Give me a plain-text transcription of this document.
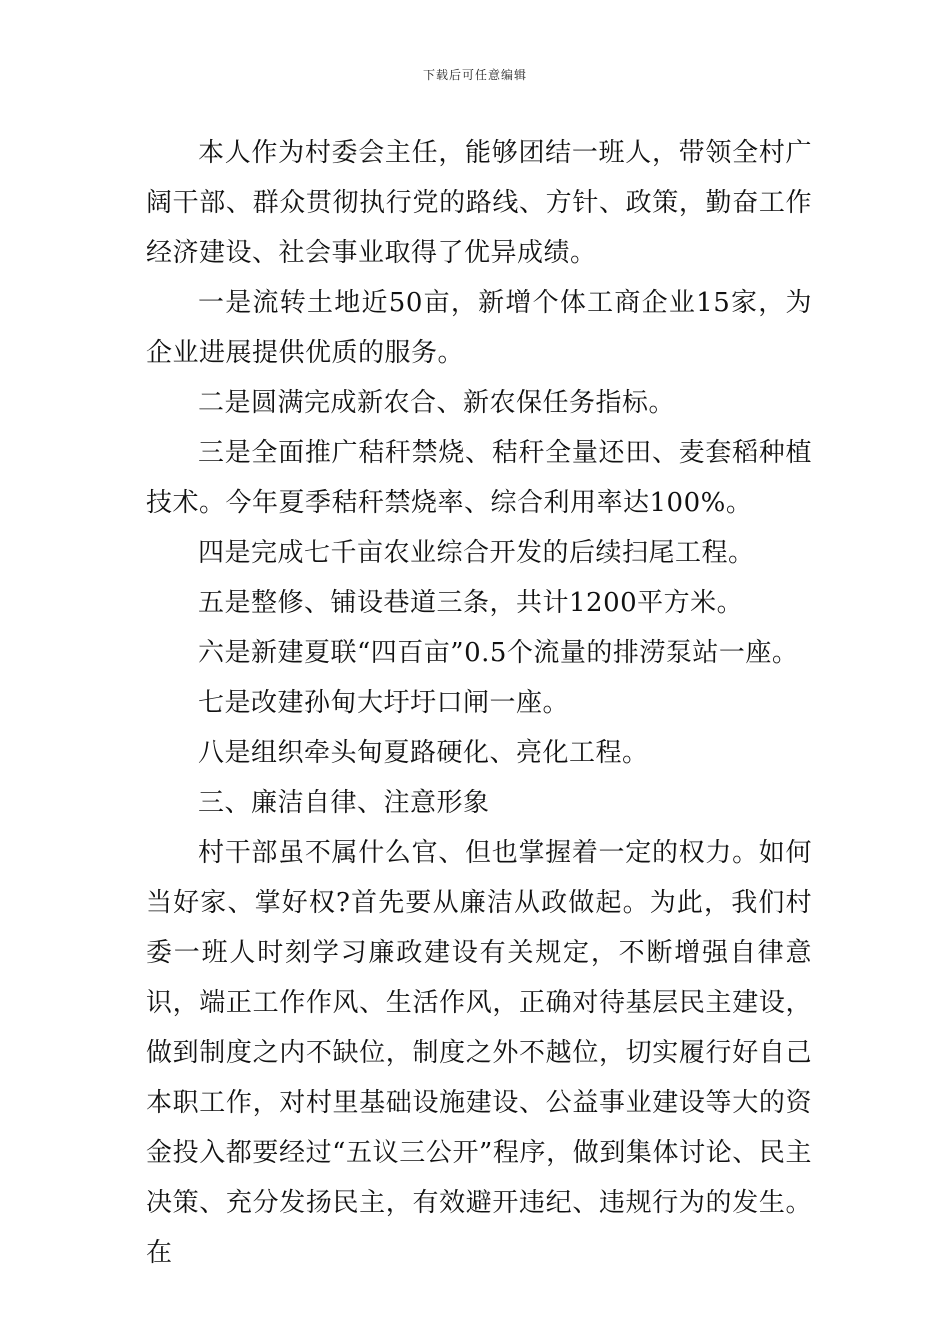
下载后可任意编辑

本人作为村委会主任，能够团结一班人，带领全村广阔干部、群众贯彻执行党的路线、方针、政策，勤奋工作经济建设、社会事业取得了优异成绩。

一是流转土地近50亩，新增个体工商企业15家，为企业进展提供优质的服务。

二是圆满完成新农合、新农保任务指标。

三是全面推广秸秆禁烧、秸秆全量还田、麦套稻种植技术。今年夏季秸秆禁烧率、综合利用率达100%。

四是完成七千亩农业综合开发的后续扫尾工程。

五是整修、铺设巷道三条，共计1200平方米。

六是新建夏联“四百亩”0.5个流量的排涝泵站一座。

七是改建孙甸大圩圩口闸一座。

八是组织牵头甸夏路硬化、亮化工程。

三、廉洁自律、注意形象

村干部虽不属什么官、但也掌握着一定的权力。如何当好家、掌好权?首先要从廉洁从政做起。为此，我们村委一班人时刻学习廉政建设有关规定，不断增强自律意识，端正工作作风、生活作风，正确对待基层民主建设，做到制度之内不缺位，制度之外不越位，切实履行好自己本职工作，对村里基础设施建设、公益事业建设等大的资金投入都要经过“五议三公开”程序，做到集体讨论、民主决策、充分发扬民主，有效避开违纪、违规行为的发生。在
